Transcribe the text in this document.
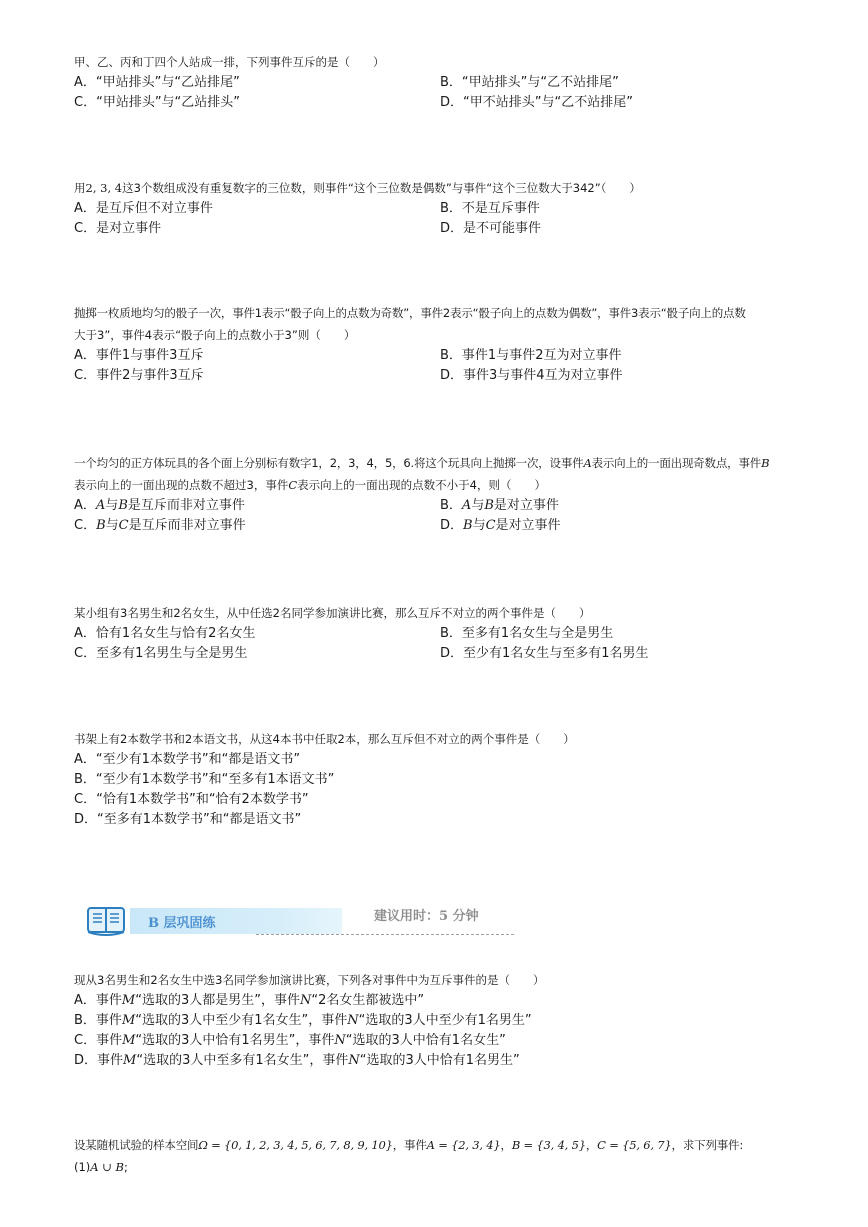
甲、乙、丙和丁四个人站成一排，下列事件互斥的是（　　）

A．“甲站排头”与“乙站排尾”	B．“甲站排头”与“乙不站排尾”
C．“甲站排头”与“乙站排头”	D．“甲不站排头”与“乙不站排尾”

用2, 3, 4这3个数组成没有重复数字的三位数，则事件“这个三位数是偶数”与事件“这个三位数大于342”（　　）

A．是互斥但不对立事件	B．不是互斥事件
C．是对立事件	D．是不可能事件

抛掷一枚质地均匀的骰子一次，事件1表示“骰子向上的点数为奇数”，事件2表示“骰子向上的点数为偶数”，事件3表示“骰子向上的点数

大于3”，事件4表示“骰子向上的点数小于3”则（　　）

A．事件1与事件3互斥	B．事件1与事件2互为对立事件
C．事件2与事件3互斥	D．事件3与事件4互为对立事件

一个均匀的正方体玩具的各个面上分别标有数字1，2，3，4，5，6.将这个玩具向上抛掷一次，设事件A表示向上的一面出现奇数点，事件B

表示向上的一面出现的点数不超过3，事件C表示向上的一面出现的点数不小于4，则（　　）

A．A与B是互斥而非对立事件	B．A与B是对立事件
C．B与C是互斥而非对立事件	D．B与C是对立事件

某小组有3名男生和2名女生，从中任选2名同学参加演讲比赛，那么互斥不对立的两个事件是（　　）

A．恰有1名女生与恰有2名女生	B．至多有1名女生与全是男生
C．至多有1名男生与全是男生	D．至少有1名女生与至多有1名男生

书架上有2本数学书和2本语文书，从这4本书中任取2本，那么互斥但不对立的两个事件是（　　）

A．“至少有1本数学书”和“都是语文书”
B．“至少有1本数学书”和“至多有1本语文书”
C．“恰有1本数学书”和“恰有2本数学书”
D．“至多有1本数学书”和“都是语文书”
B 层巩固练	建议用时：5 分钟

现从3名男生和2名女生中选3名同学参加演讲比赛，下列各对事件中为互斥事件的是（　　）

A．事件M“选取的3人都是男生”，事件N“2名女生都被选中”
B．事件M“选取的3人中至少有1名女生”，事件N“选取的3人中至少有1名男生”
C．事件M“选取的3人中恰有1名男生”，事件N“选取的3人中恰有1名女生”
D．事件M“选取的3人中至多有1名女生”，事件N“选取的3人中恰有1名男生”

设某随机试验的样本空间Ω = {0, 1, 2, 3, 4, 5, 6, 7, 8, 9, 10}，事件A = {2, 3, 4}，B = {3, 4, 5}，C = {5, 6, 7}，求下列事件:

(1)A ∪ B;
